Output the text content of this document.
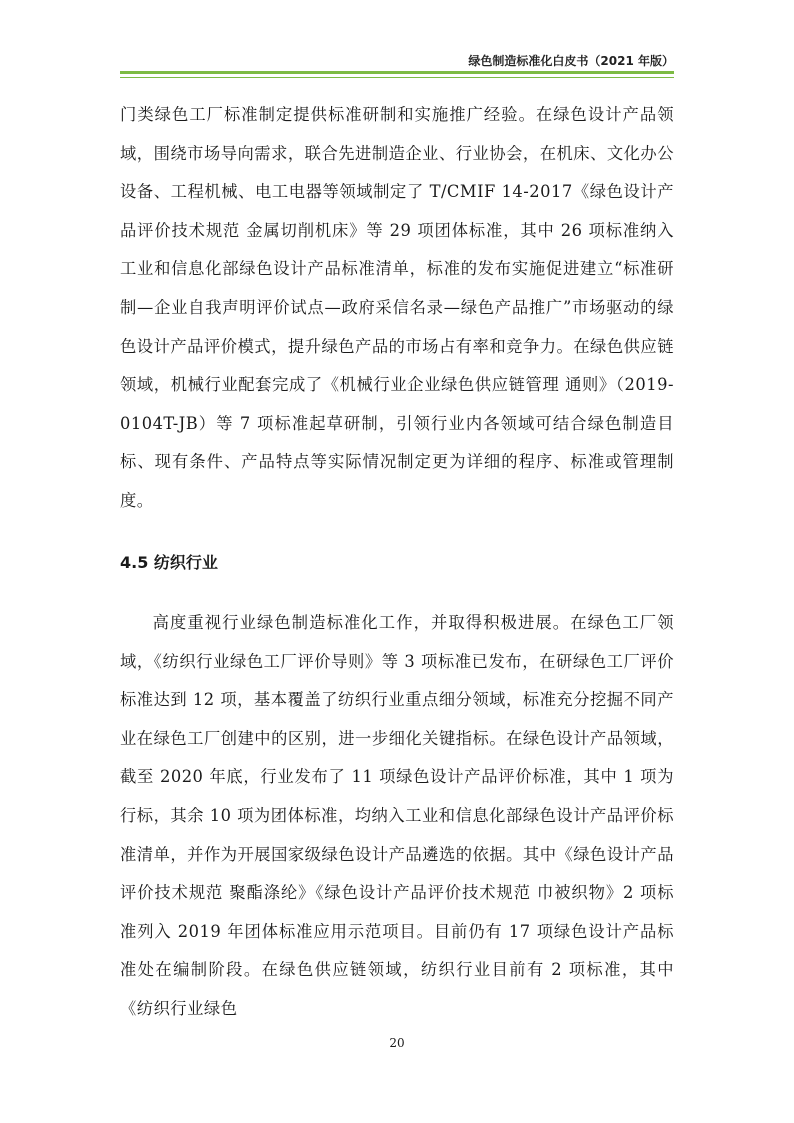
绿色制造标准化白皮书（2021 年版）

门类绿色工厂标准制定提供标准研制和实施推广经验。在绿色设计产品领域，围绕市场导向需求，联合先进制造企业、行业协会，在机床、文化办公设备、工程机械、电工电器等领域制定了 T/CMIF 14-2017《绿色设计产品评价技术规范 金属切削机床》等 29 项团体标准，其中 26 项标准纳入工业和信息化部绿色设计产品标准清单，标准的发布实施促进建立“标准研制—企业自我声明评价试点—政府采信名录—绿色产品推广”市场驱动的绿色设计产品评价模式，提升绿色产品的市场占有率和竞争力。在绿色供应链领域，机械行业配套完成了《机械行业企业绿色供应链管理 通则》（2019-0104T-JB）等 7 项标准起草研制，引领行业内各领域可结合绿色制造目标、现有条件、产品特点等实际情况制定更为详细的程序、标准或管理制度。

4.5 纺织行业

高度重视行业绿色制造标准化工作，并取得积极进展。在绿色工厂领域，《纺织行业绿色工厂评价导则》等 3 项标准已发布，在研绿色工厂评价标准达到 12 项，基本覆盖了纺织行业重点细分领域，标准充分挖掘不同产业在绿色工厂创建中的区别，进一步细化关键指标。在绿色设计产品领域，截至 2020 年底，行业发布了 11 项绿色设计产品评价标准，其中 1 项为行标，其余 10 项为团体标准，均纳入工业和信息化部绿色设计产品评价标准清单，并作为开展国家级绿色设计产品遴选的依据。其中《绿色设计产品评价技术规范 聚酯涤纶》《绿色设计产品评价技术规范 巾被织物》2 项标准列入 2019 年团体标准应用示范项目。目前仍有 17 项绿色设计产品标准处在编制阶段。在绿色供应链领域，纺织行业目前有 2 项标准，其中《纺织行业绿色

20
